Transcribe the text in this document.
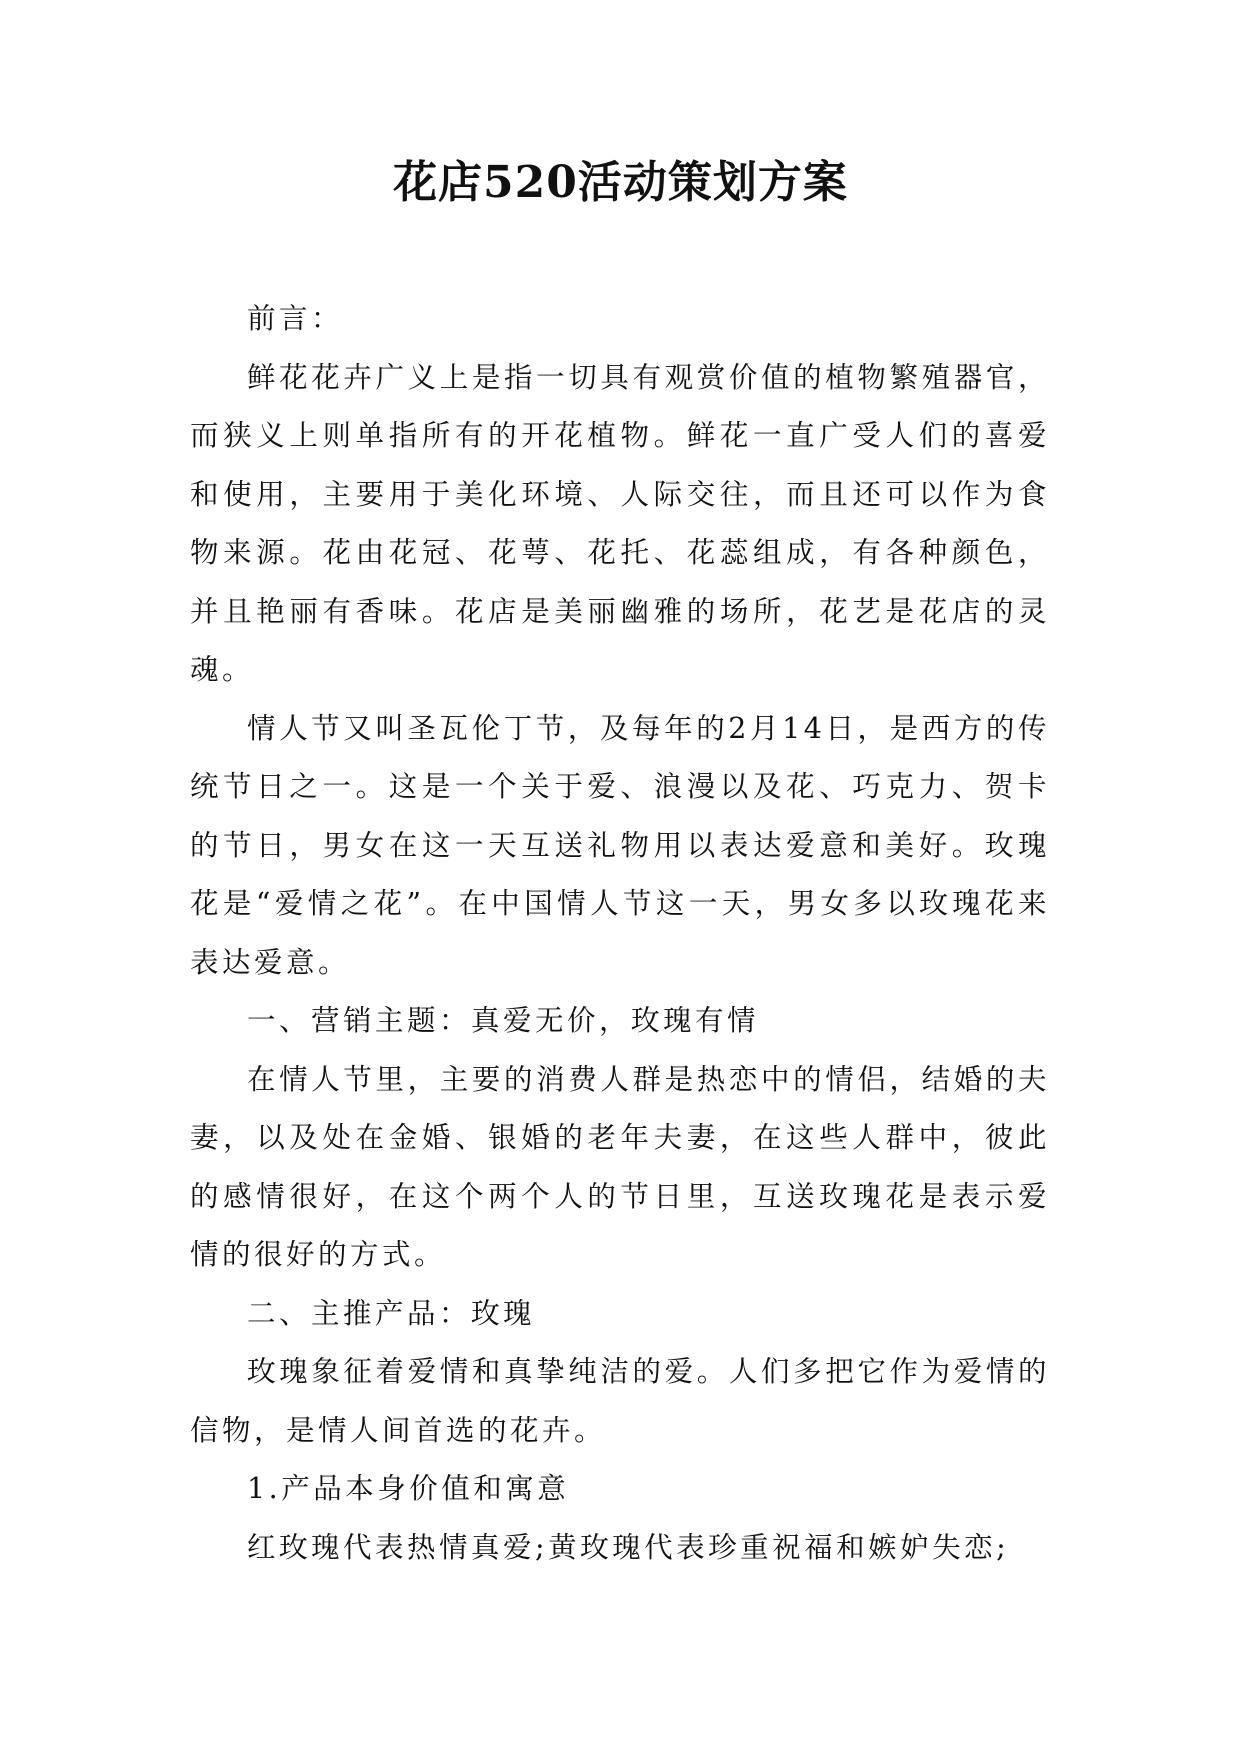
花店520活动策划方案

前言：

鲜花花卉广义上是指一切具有观赏价值的植物繁殖器官，而狭义上则单指所有的开花植物。鲜花一直广受人们的喜爱和使用，主要用于美化环境、人际交往，而且还可以作为食物来源。花由花冠、花萼、花托、花蕊组成，有各种颜色，并且艳丽有香味。花店是美丽幽雅的场所，花艺是花店的灵魂。

情人节又叫圣瓦伦丁节，及每年的2月14日，是西方的传统节日之一。这是一个关于爱、浪漫以及花、巧克力、贺卡的节日，男女在这一天互送礼物用以表达爱意和美好。玫瑰花是“爱情之花”。在中国情人节这一天，男女多以玫瑰花来表达爱意。

一、营销主题：真爱无价，玫瑰有情

在情人节里，主要的消费人群是热恋中的情侣，结婚的夫妻，以及处在金婚、银婚的老年夫妻，在这些人群中，彼此的感情很好，在这个两个人的节日里，互送玫瑰花是表示爱情的很好的方式。

二、主推产品：玫瑰

玫瑰象征着爱情和真挚纯洁的爱。人们多把它作为爱情的信物，是情人间首选的花卉。

1.产品本身价值和寓意

红玫瑰代表热情真爱;黄玫瑰代表珍重祝福和嫉妒失恋;
